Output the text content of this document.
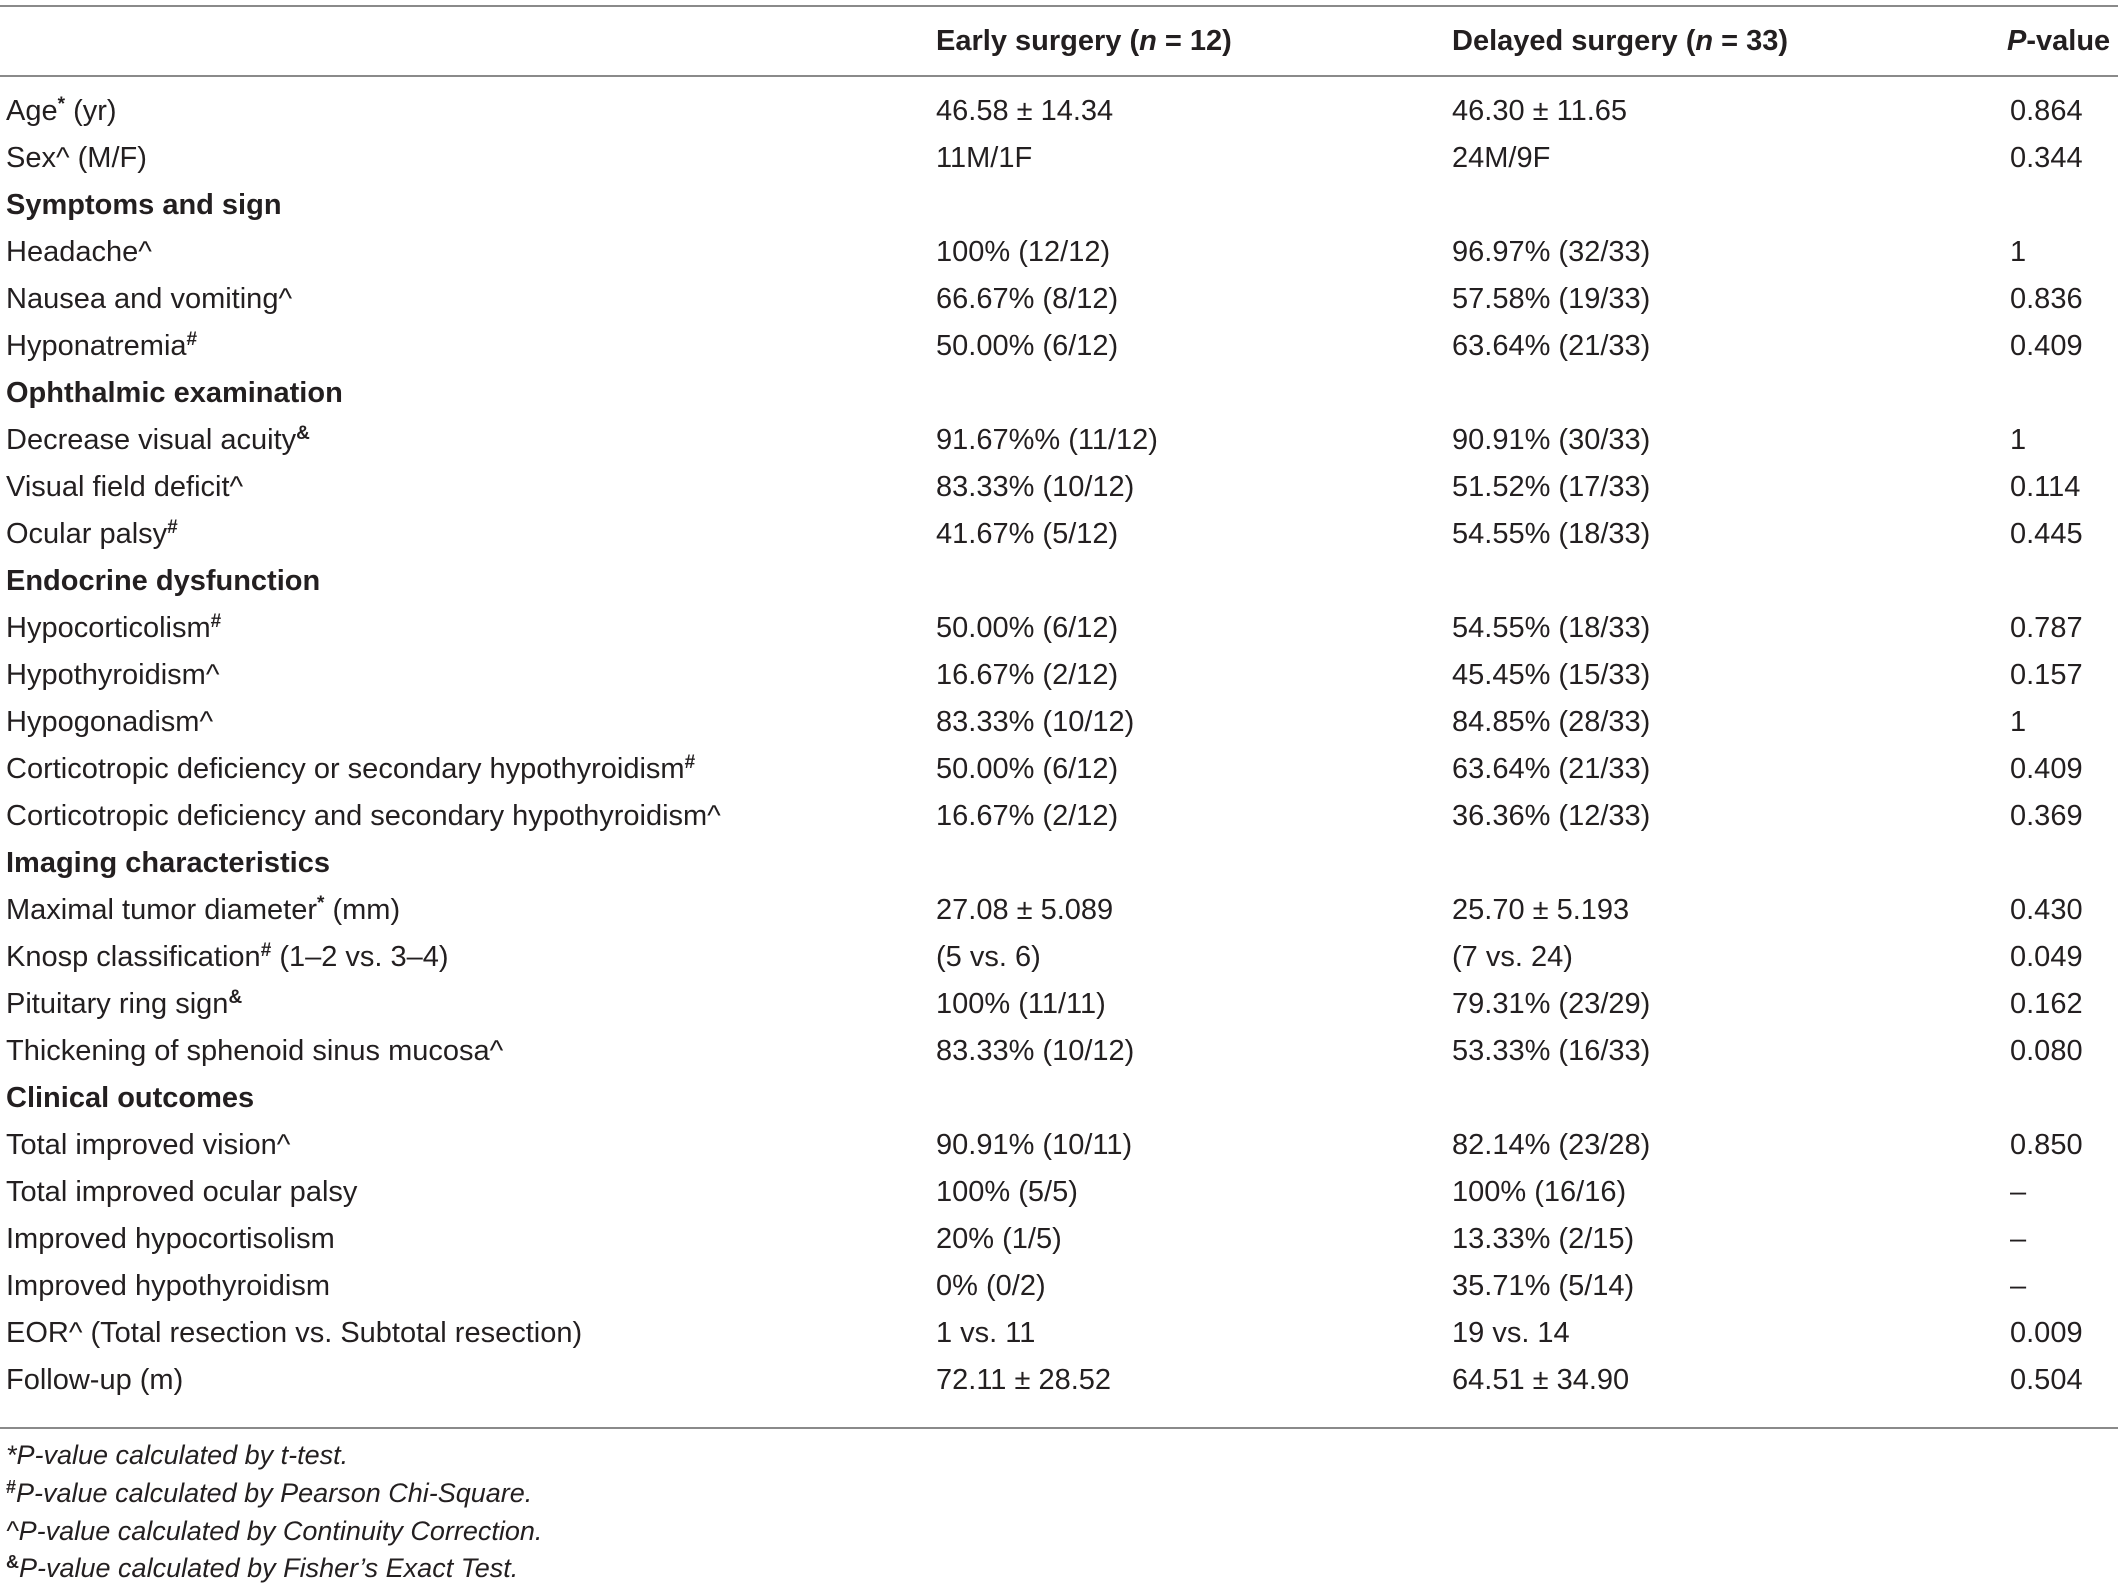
Early surgery (n = 12)	Delayed surgery (n = 33)	P-value
Age* (yr)	46.58 ± 14.34	46.30 ± 11.65	0.864
Sex^ (M/F)	11M/1F	24M/9F	0.344
Symptoms and sign
Headache^	100% (12/12)	96.97% (32/33)	1
Nausea and vomiting^	66.67% (8/12)	57.58% (19/33)	0.836
Hyponatremia#	50.00% (6/12)	63.64% (21/33)	0.409
Ophthalmic examination
Decrease visual acuity&	91.67%% (11/12)	90.91% (30/33)	1
Visual field deficit^	83.33% (10/12)	51.52% (17/33)	0.114
Ocular palsy#	41.67% (5/12)	54.55% (18/33)	0.445
Endocrine dysfunction
Hypocorticolism#	50.00% (6/12)	54.55% (18/33)	0.787
Hypothyroidism^	16.67% (2/12)	45.45% (15/33)	0.157
Hypogonadism^	83.33% (10/12)	84.85% (28/33)	1
Corticotropic deficiency or secondary hypothyroidism#	50.00% (6/12)	63.64% (21/33)	0.409
Corticotropic deficiency and secondary hypothyroidism^	16.67% (2/12)	36.36% (12/33)	0.369
Imaging characteristics
Maximal tumor diameter* (mm)	27.08 ± 5.089	25.70 ± 5.193	0.430
Knosp classification# (1–2 vs. 3–4)	(5 vs. 6)	(7 vs. 24)	0.049
Pituitary ring sign&	100% (11/11)	79.31% (23/29)	0.162
Thickening of sphenoid sinus mucosa^	83.33% (10/12)	53.33% (16/33)	0.080
Clinical outcomes
Total improved vision^	90.91% (10/11)	82.14% (23/28)	0.850
Total improved ocular palsy	100% (5/5)	100% (16/16)	–
Improved hypocortisolism	20% (1/5)	13.33% (2/15)	–
Improved hypothyroidism	0% (0/2)	35.71% (5/14)	–
EOR^ (Total resection vs. Subtotal resection)	1 vs. 11	19 vs. 14	0.009
Follow-up (m)	72.11 ± 28.52	64.51 ± 34.90	0.504
*P-value calculated by t-test.
#P-value calculated by Pearson Chi-Square.
^P-value calculated by Continuity Correction.
&P-value calculated by Fisher’s Exact Test.
